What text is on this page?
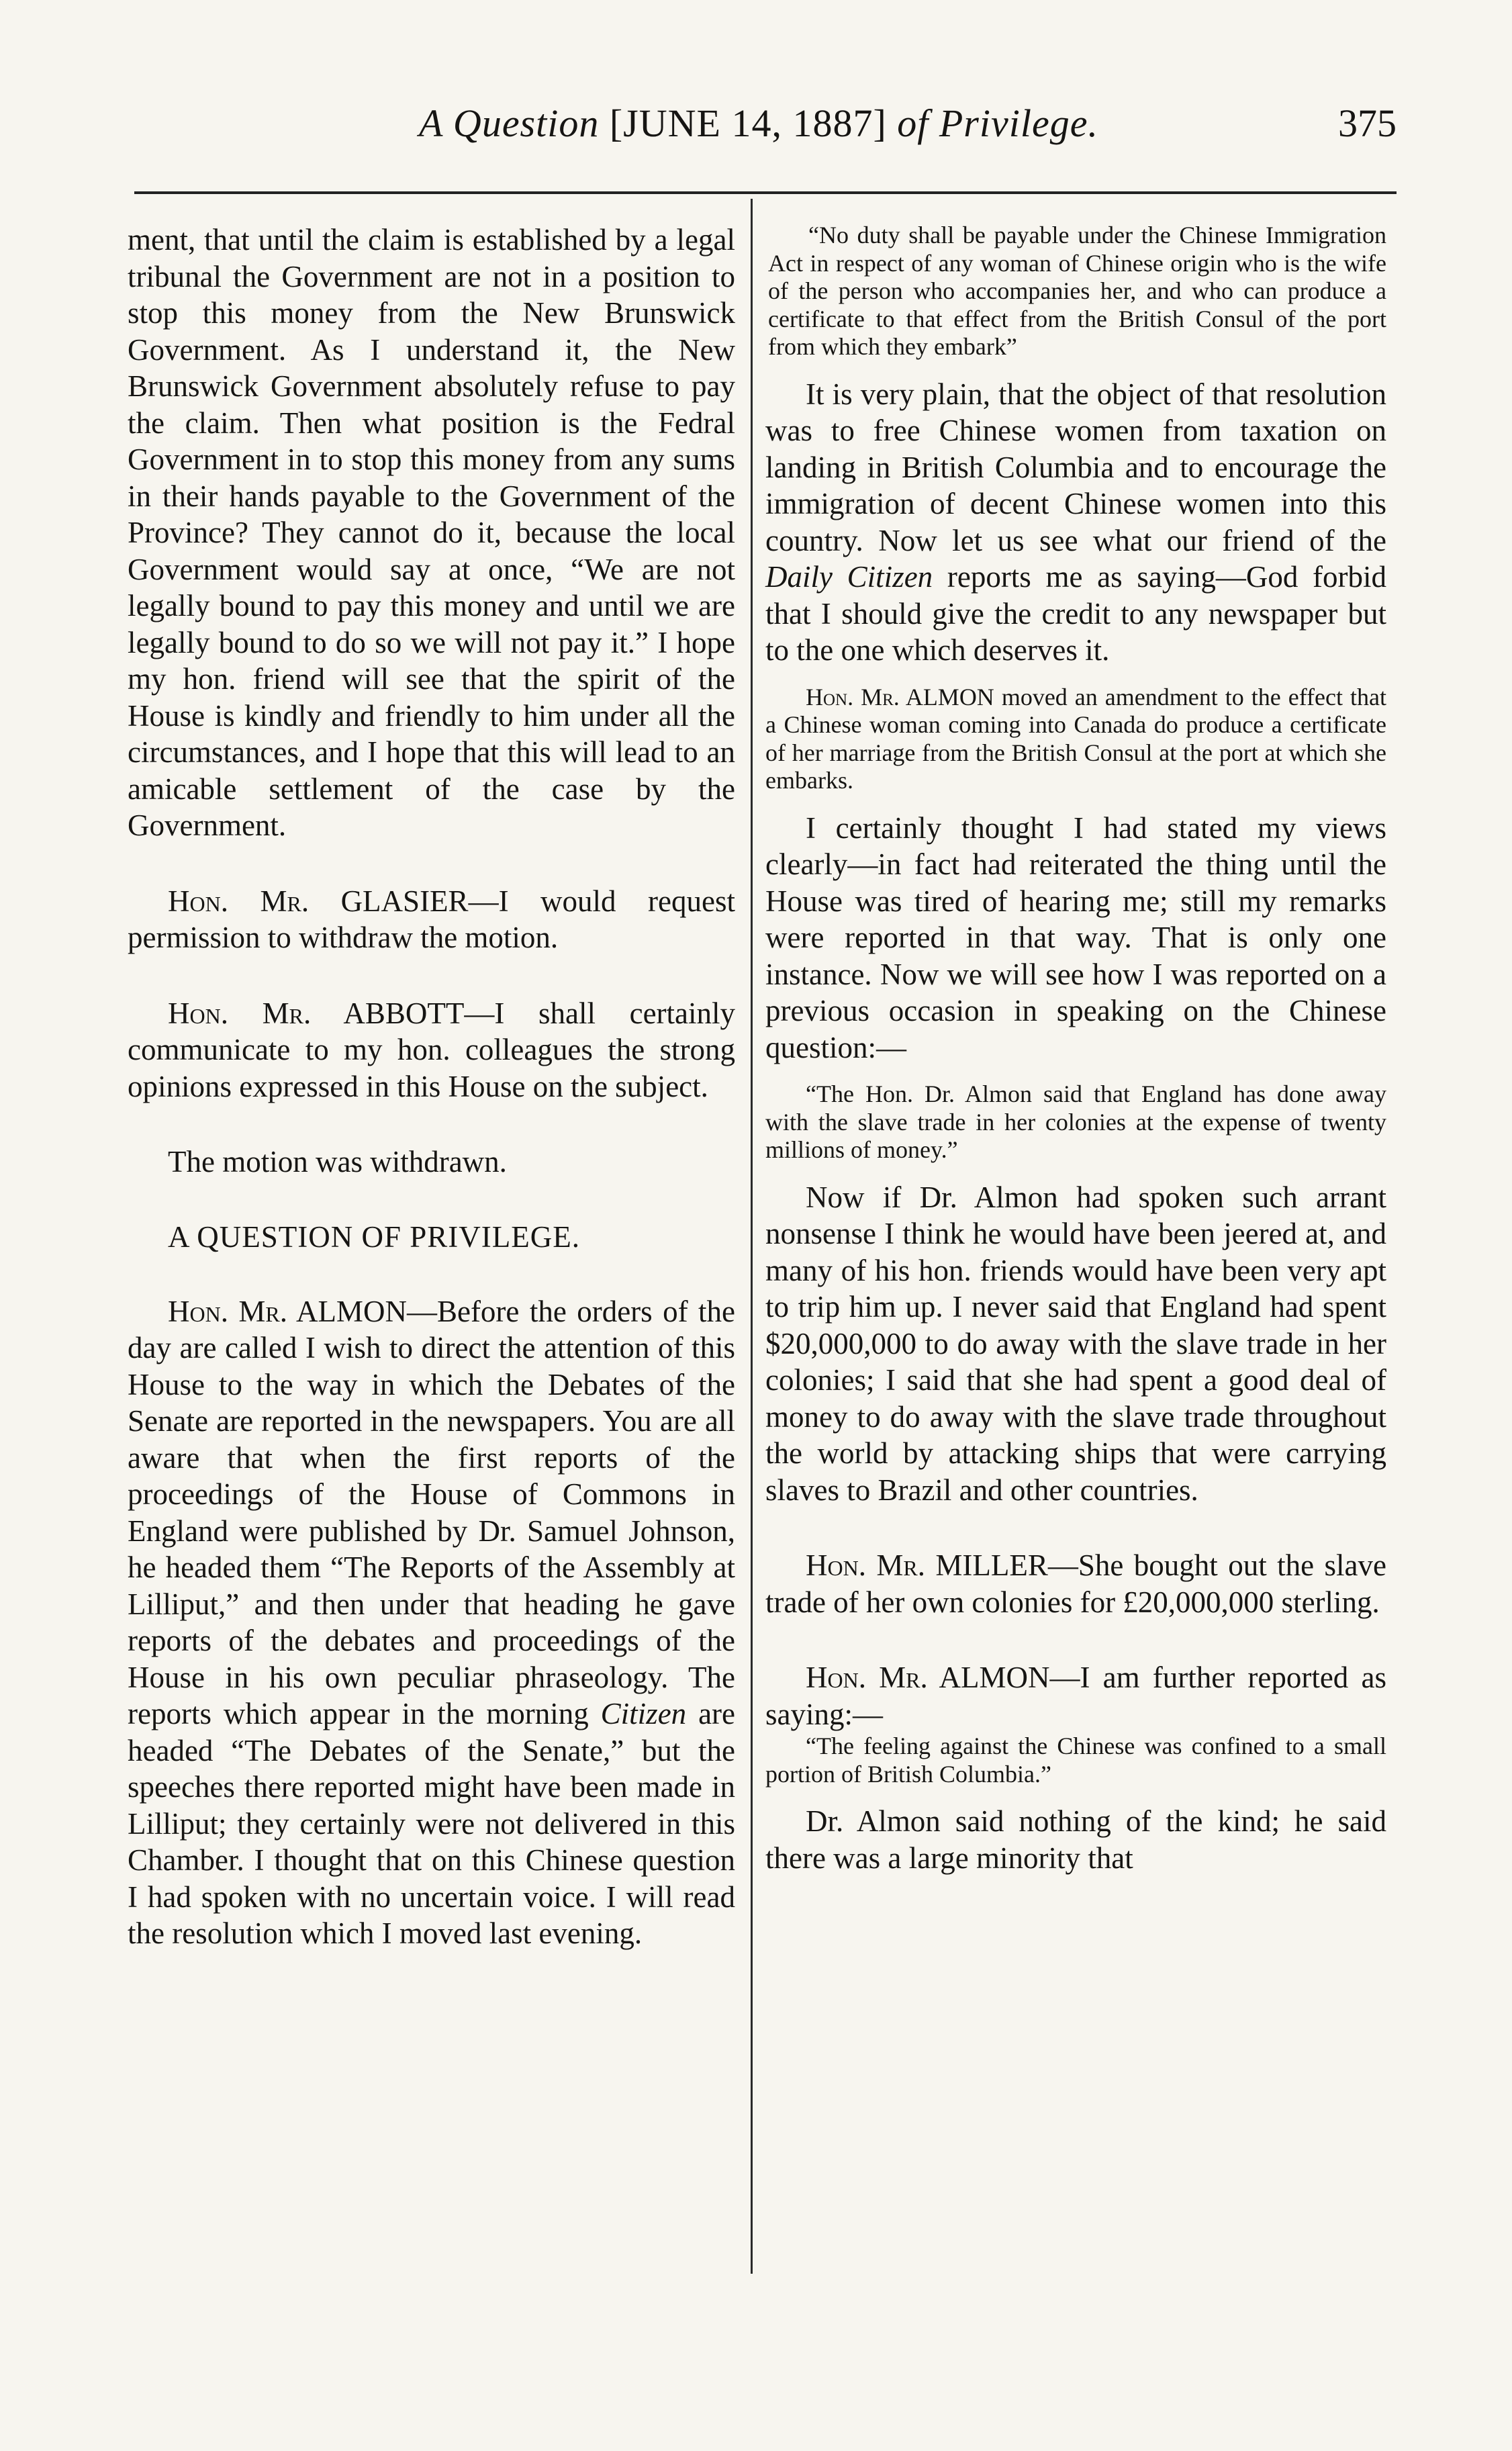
A Question [JUNE 14, 1887] of Privilege.	375

ment, that until the claim is established by a legal tribunal the Government are not in a position to stop this money from the New Brunswick Government. As I understand it, the New Brunswick Government absolutely refuse to pay the claim. Then what position is the Fedral Government in to stop this money from any sums in their hands payable to the Government of the Province? They cannot do it, because the local Government would say at once, “We are not legally bound to pay this money and until we are legally bound to do so we will not pay it.” I hope my hon. friend will see that the spirit of the House is kindly and friendly to him under all the circumstances, and I hope that this will lead to an amicable settlement of the case by the Government.

Hon. Mr. GLASIER—I would request permission to withdraw the motion.

Hon. Mr. ABBOTT—I shall certainly communicate to my hon. colleagues the strong opinions expressed in this House on the subject.

The motion was withdrawn.

A QUESTION OF PRIVILEGE.

Hon. Mr. ALMON—Before the orders of the day are called I wish to direct the attention of this House to the way in which the Debates of the Senate are reported in the newspapers. You are all aware that when the first reports of the proceedings of the House of Commons in England were published by Dr. Samuel Johnson, he headed them “The Reports of the Assembly at Lilliput,” and then under that heading he gave reports of the debates and proceedings of the House in his own peculiar phraseology. The reports which appear in the morning Citizen are headed “The Debates of the Senate,” but the speeches there reported might have been made in Lilliput; they certainly were not delivered in this Chamber. I thought that on this Chinese question I had spoken with no uncertain voice. I will read the resolution which I moved last evening.

“No duty shall be payable under the Chinese Immigration Act in respect of any woman of Chinese origin who is the wife of the person who accompanies her, and who can produce a certificate to that effect from the British Consul of the port from which they embark”

It is very plain, that the object of that resolution was to free Chinese women from taxation on landing in British Columbia and to encourage the immigration of decent Chinese women into this country. Now let us see what our friend of the Daily Citizen reports me as saying—God forbid that I should give the credit to any newspaper but to the one which deserves it.

Hon. Mr. ALMON moved an amendment to the effect that a Chinese woman coming into Canada do produce a certificate of her marriage from the British Consul at the port at which she embarks.

I certainly thought I had stated my views clearly—in fact had reiterated the thing until the House was tired of hearing me; still my remarks were reported in that way. That is only one instance. Now we will see how I was reported on a previous occasion in speaking on the Chinese question:—

“The Hon. Dr. Almon said that England has done away with the slave trade in her colonies at the expense of twenty millions of money.”

Now if Dr. Almon had spoken such arrant nonsense I think he would have been jeered at, and many of his hon. friends would have been very apt to trip him up. I never said that England had spent $20,000,000 to do away with the slave trade in her colonies; I said that she had spent a good deal of money to do away with the slave trade throughout the world by attacking ships that were carrying slaves to Brazil and other countries.

Hon. Mr. MILLER—She bought out the slave trade of her own colonies for £20,000,000 sterling.

Hon. Mr. ALMON—I am further reported as saying:—

“The feeling against the Chinese was confined to a small portion of British Columbia.”

Dr. Almon said nothing of the kind; he said there was a large minority that
